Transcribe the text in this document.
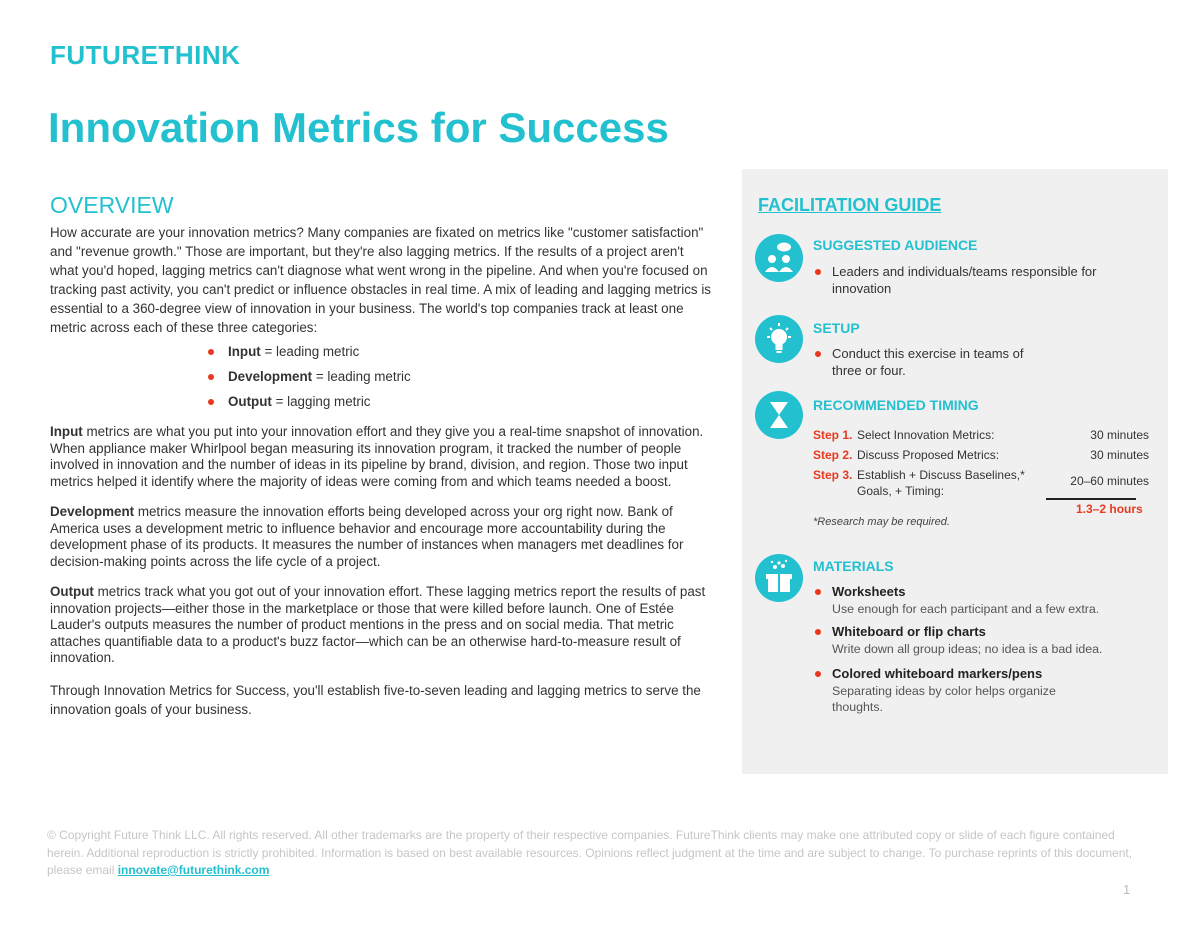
FUTURETHINK
Innovation Metrics for Success
OVERVIEW

How accurate are your innovation metrics? Many companies are fixated on metrics like "customer satisfaction" and "revenue growth." Those are important, but they're also lagging metrics. If the results of a project aren't what you'd hoped, lagging metrics can't diagnose what went wrong in the pipeline. And when you're focused on tracking past activity, you can't predict or influence obstacles in real time. A mix of leading and lagging metrics is essential to a 360-degree view of innovation in your business. The world's top companies track at least one metric across each of these three categories:

Input = leading metric
Development = leading metric
Output = lagging metric

Input metrics are what you put into your innovation effort and they give you a real-time snapshot of innovation. When appliance maker Whirlpool began measuring its innovation program, it tracked the number of people involved in innovation and the number of ideas in its pipeline by brand, division, and region. Those two input metrics helped it identify where the majority of ideas were coming from and which teams needed a boost.

Development metrics measure the innovation efforts being developed across your org right now. Bank of America uses a development metric to influence behavior and encourage more accountability during the development phase of its products. It measures the number of instances when managers met deadlines for decision-making points across the life cycle of a project.

Output metrics track what you got out of your innovation effort. These lagging metrics report the results of past innovation projects—either those in the marketplace or those that were killed before launch. One of Estée Lauder's outputs measures the number of product mentions in the press and on social media. That metric attaches quantifiable data to a product's buzz factor—which can be an otherwise hard-to-measure result of innovation.

Through Innovation Metrics for Success, you'll establish five-to-seven leading and lagging metrics to serve the innovation goals of your business.

FACILITATION GUIDE
SUGGESTED AUDIENCE
Leaders and individuals/teams responsible for innovation
SETUP
Conduct this exercise in teams of three or four.
RECOMMENDED TIMING
Step 1. Select Innovation Metrics:	30 minutes
Step 2. Discuss Proposed Metrics:	30 minutes
Step 3. Establish + Discuss Baselines,* Goals, + Timing:
20–60 minutes
1.3–2 hours
*Research may be required.
MATERIALS
Worksheets
Use enough for each participant and a few extra.
Whiteboard or flip charts
Write down all group ideas; no idea is a bad idea.
Colored whiteboard markers/pens
Separating ideas by color helps organize thoughts.
© Copyright Future Think LLC. All rights reserved. All other trademarks are the property of their respective companies. FutureThink clients may make one attributed copy or slide of each figure contained herein. Additional reproduction is strictly prohibited. Information is based on best available resources. Opinions reflect judgment at the time and are subject to change. To purchase reprints of this document, please email innovate@futurethink.com
1
